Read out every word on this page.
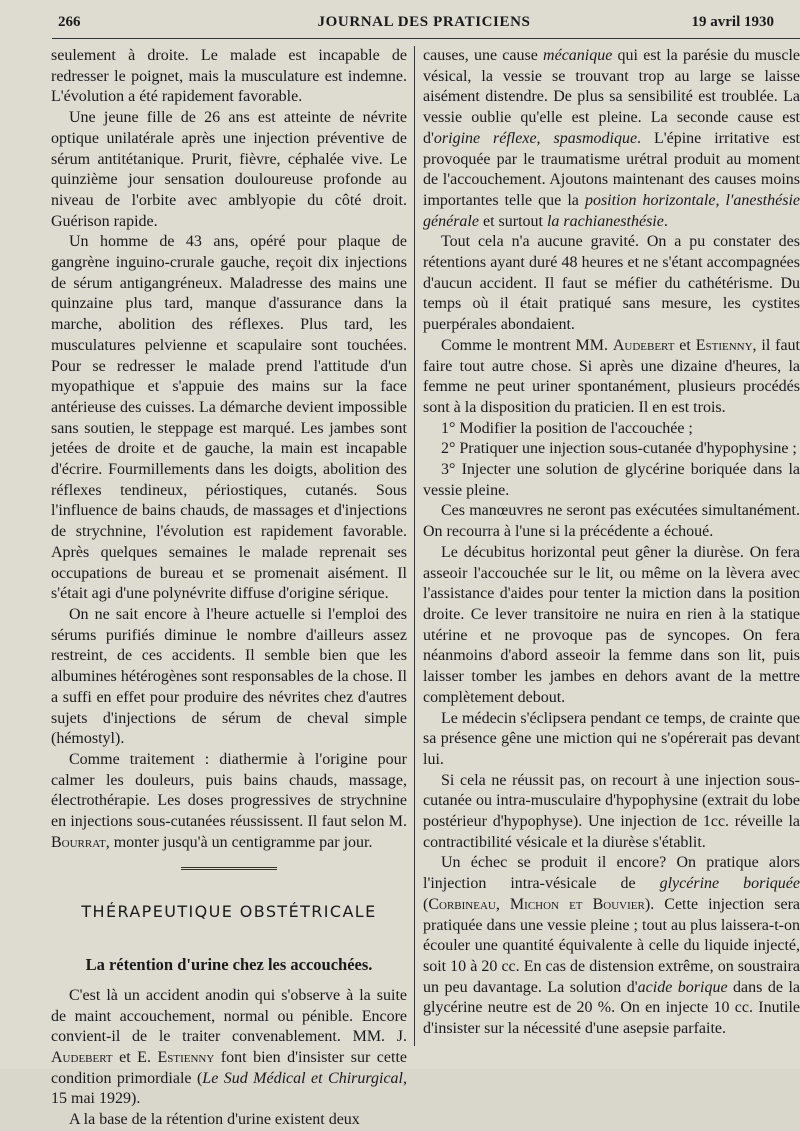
266	JOURNAL DES PRATICIENS	19 avril 1930

seulement à droite. Le malade est incapable de redresser le poignet, mais la musculature est indemne. L'évolution a été rapidement favorable.

Une jeune fille de 26 ans est atteinte de névrite optique unilatérale après une injection préventive de sérum antitétanique. Prurit, fièvre, céphalée vive. Le quinzième jour sensation douloureuse profonde au niveau de l'orbite avec amblyopie du côté droit. Guérison rapide.

Un homme de 43 ans, opéré pour plaque de gangrène inguino-crurale gauche, reçoit dix injections de sérum antigangréneux. Maladresse des mains une quinzaine plus tard, manque d'assurance dans la marche, abolition des réflexes. Plus tard, les musculatures pelvienne et scapulaire sont touchées. Pour se redresser le malade prend l'attitude d'un myopathique et s'appuie des mains sur la face antérieuse des cuisses. La démarche devient impossible sans soutien, le steppage est marqué. Les jambes sont jetées de droite et de gauche, la main est incapable d'écrire. Fourmillements dans les doigts, abolition des réflexes tendineux, périostiques, cutanés. Sous l'influence de bains chauds, de massages et d'injections de strychnine, l'évolution est rapidement favorable. Après quelques semaines le malade reprenait ses occupations de bureau et se promenait aisément. Il s'était agi d'une polynévrite diffuse d'origine sérique.

On ne sait encore à l'heure actuelle si l'emploi des sérums purifiés diminue le nombre d'ailleurs assez restreint, de ces accidents. Il semble bien que les albumines hétérogènes sont responsables de la chose. Il a suffi en effet pour produire des névrites chez d'autres sujets d'injections de sérum de cheval simple (hémostyl).

Comme traitement : diathermie à l'origine pour calmer les douleurs, puis bains chauds, massage, électrothérapie. Les doses progressives de strychnine en injections sous-cutanées réussissent. Il faut selon M. Bourrat, monter jusqu'à un centigramme par jour.

THÉRAPEUTIQUE OBSTÉTRICALE
La rétention d'urine chez les accouchées.

C'est là un accident anodin qui s'observe à la suite de maint accouchement, normal ou pénible. Encore convient-il de le traiter convenablement. MM. J. Audebert et E. Estienny font bien d'insister sur cette condition primordiale (Le Sud Médical et Chirurgical, 15 mai 1929).

A la base de la rétention d'urine existent deux

causes, une cause mécanique qui est la parésie du muscle vésical, la vessie se trouvant trop au large se laisse aisément distendre. De plus sa sensibilité est troublée. La vessie oublie qu'elle est pleine. La seconde cause est d'origine réflexe, spasmodique. L'épine irritative est provoquée par le traumatisme urétral produit au moment de l'accouchement. Ajoutons maintenant des causes moins importantes telle que la position horizontale, l'anesthésie générale et surtout la rachianesthésie.

Tout cela n'a aucune gravité. On a pu constater des rétentions ayant duré 48 heures et ne s'étant accompagnées d'aucun accident. Il faut se méfier du cathétérisme. Du temps où il était pratiqué sans mesure, les cystites puerpérales abondaient.

Comme le montrent MM. Audebert et Estienny, il faut faire tout autre chose. Si après une dizaine d'heures, la femme ne peut uriner spontanément, plusieurs procédés sont à la disposition du praticien. Il en est trois.

1° Modifier la position de l'accouchée ;

2° Pratiquer une injection sous-cutanée d'hypophysine ;

3° Injecter une solution de glycérine boriquée dans la vessie pleine.

Ces manœuvres ne seront pas exécutées simultanément. On recourra à l'une si la précédente a échoué.

Le décubitus horizontal peut gêner la diurèse. On fera asseoir l'accouchée sur le lit, ou même on la lèvera avec l'assistance d'aides pour tenter la miction dans la position droite. Ce lever transitoire ne nuira en rien à la statique utérine et ne provoque pas de syncopes. On fera néanmoins d'abord asseoir la femme dans son lit, puis laisser tomber les jambes en dehors avant de la mettre complètement debout.

Le médecin s'éclipsera pendant ce temps, de crainte que sa présence gêne une miction qui ne s'opérerait pas devant lui.

Si cela ne réussit pas, on recourt à une injection sous-cutanée ou intra-musculaire d'hypophysine (extrait du lobe postérieur d'hypophyse). Une injection de 1cc. réveille la contractibilité vésicale et la diurèse s'établit.

Un échec se produit il encore? On pratique alors l'injection intra-vésicale de glycérine boriquée (Corbineau, Michon et Bouvier). Cette injection sera pratiquée dans une vessie pleine ; tout au plus laissera-t-on écouler une quantité équivalente à celle du liquide injecté, soit 10 à 20 cc. En cas de distension extrême, on soustraira un peu davantage. La solution d'acide borique dans de la glycérine neutre est de 20 %. On en injecte 10 cc. Inutile d'insister sur la nécessité d'une asepsie parfaite.
